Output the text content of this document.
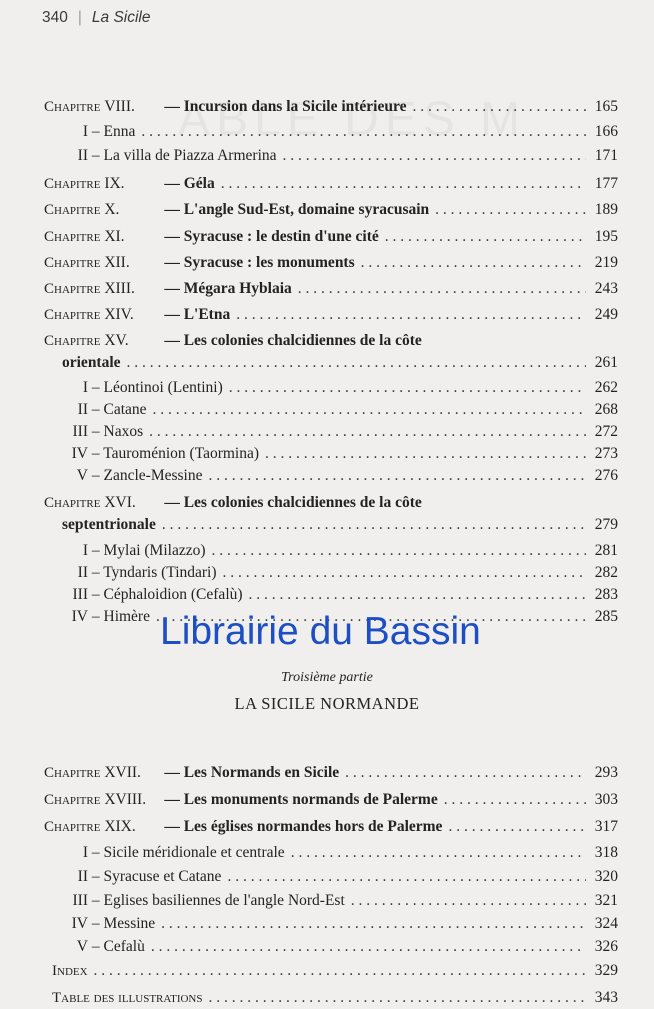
340 | La Sicile
Chapitre VIII. — Incursion dans la Sicile intérieure . . .	165
I – Enna . . .	166
II – La villa de Piazza Armerina . . .	171
Chapitre IX.	— Géla . . .	177
Chapitre X.	— L'angle Sud-Est, domaine syracusain . . .	189
Chapitre XI.	— Syracuse : le destin d'une cité . . .	195
Chapitre XII. — Syracuse : les monuments . . .	219
Chapitre XIII. — Mégara Hyblaia . . .	243
Chapitre XIV. — L'Etna . . .	249
Chapitre XV. — Les colonies chalcidiennes de la côte
orientale . . .	261
I – Léontinoi (Lentini) . . .	262
II – Catane . . .	268
III – Naxos . . .	272
IV – Tauroménion (Taormina) . . .	273
V – Zancle-Messine . . .	276
Chapitre XVI. — Les colonies chalcidiennes de la côte
septentrionale . . .	279
I – Mylai (Milazzo) . . .	281
II – Tyndaris (Tindari) . . .	282
III – Céphaloidion (Cefalù) . . .	283
IV – Himère . . .	285
Chapitre XVII. — Les Normands en Sicile . . .	293
Chapitre XVIII. — Les monuments normands de Palerme . . .	303
Chapitre XIX. — Les églises normandes hors de Palerme . . .	317
I – Sicile méridionale et centrale . . .	318
II – Syracuse et Catane . . .	320
III – Eglises basiliennes de l'angle Nord-Est . . .	321
IV – Messine . . .	324
V – Cefalù . . .	326
Index . . .	329
Table des illustrations . . .	343
Troisième partie
LA SICILE NORMANDE
Librairie du Bassin
